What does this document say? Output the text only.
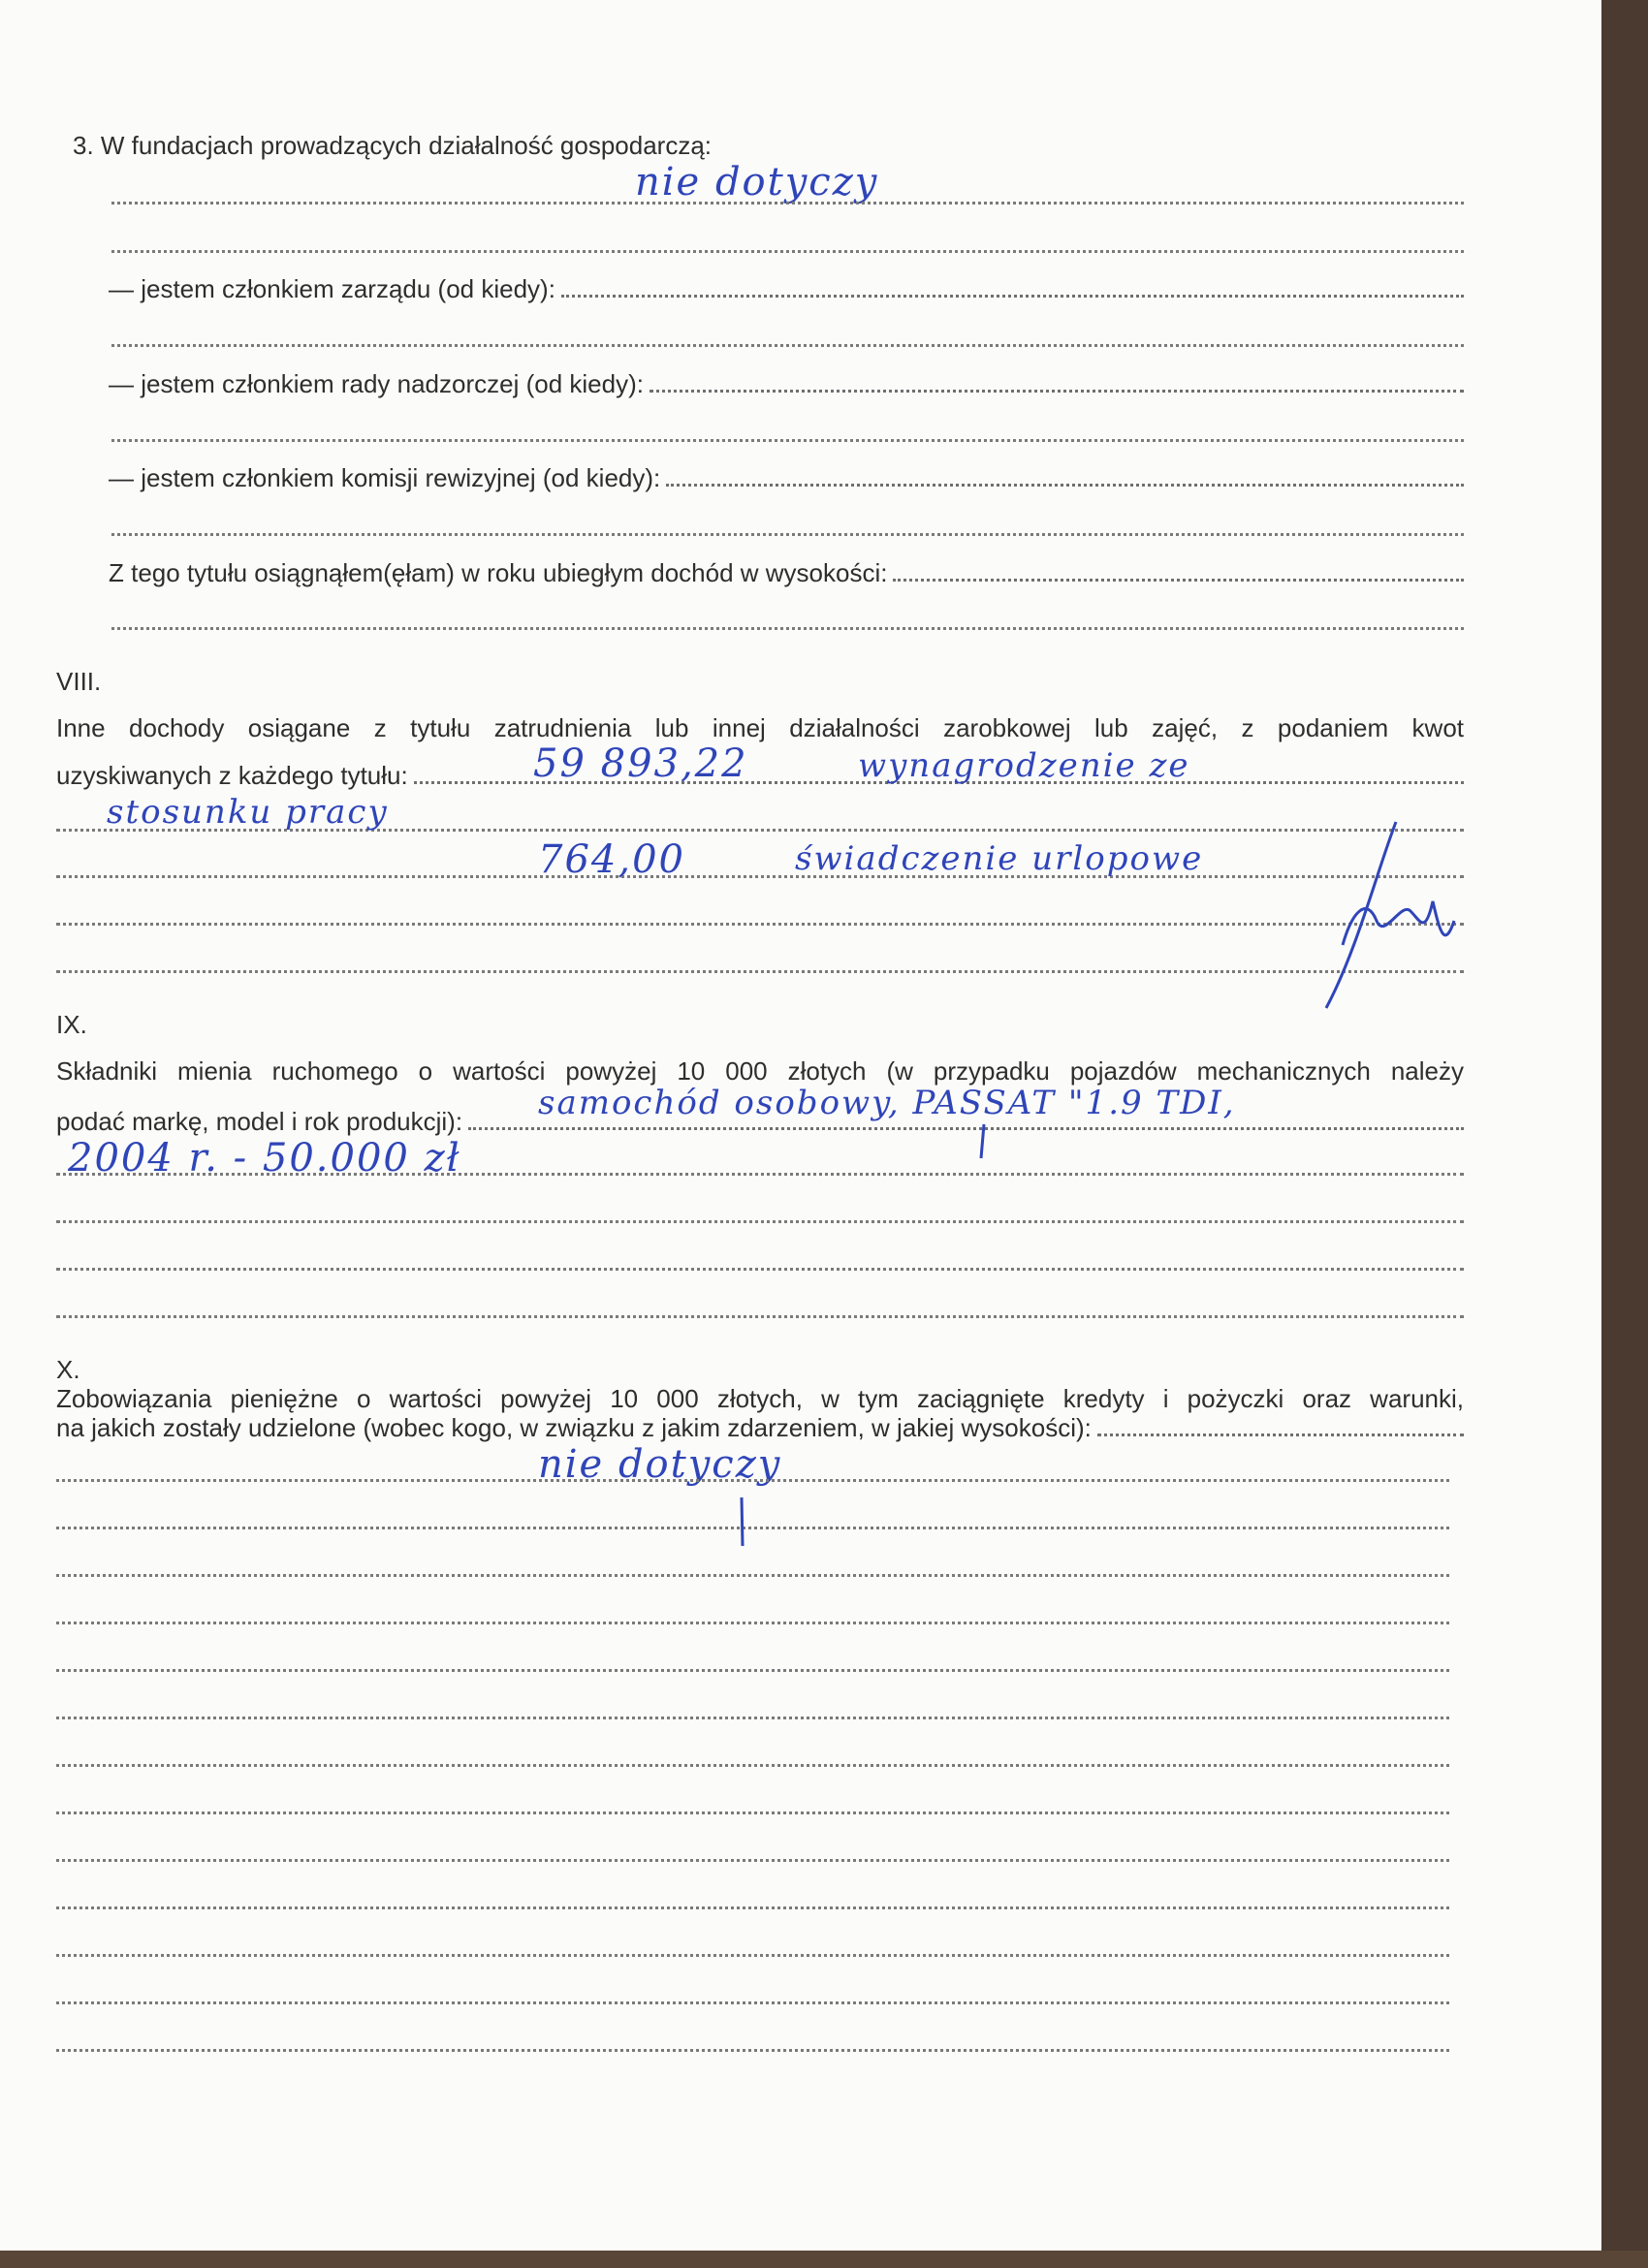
3. W fundacjach prowadzących działalność gospodarczą:
nie dotyczy
— jestem członkiem zarządu (od kiedy):
— jestem członkiem rady nadzorczej (od kiedy):
— jestem członkiem komisji rewizyjnej (od kiedy):
Z tego tytułu osiągnąłem(ęłam) w roku ubiegłym dochód w wysokości:
VIII.
Inne dochody osiągane z tytułu zatrudnienia lub innej działalności zarobkowej lub zajęć, z podaniem kwot
uzyskiwanych z każdego tytułu:	59 893,22	wynagrodzenie ze
stosunku pracy
764,00	świadczenie urlopowe
IX.
Składniki mienia ruchomego o wartości powyżej 10 000 złotych (w przypadku pojazdów mechanicznych należy
podać markę, model i rok produkcji): samochód osobowy, PASSAT "1.9 TDI,
2004 r. - 50.000 zł
X.
Zobowiązania pieniężne o wartości powyżej 10 000 złotych, w tym zaciągnięte kredyty i pożyczki oraz warunki,
na jakich zostały udzielone (wobec kogo, w związku z jakim zdarzeniem, w jakiej wysokości):
nie dotyczy
